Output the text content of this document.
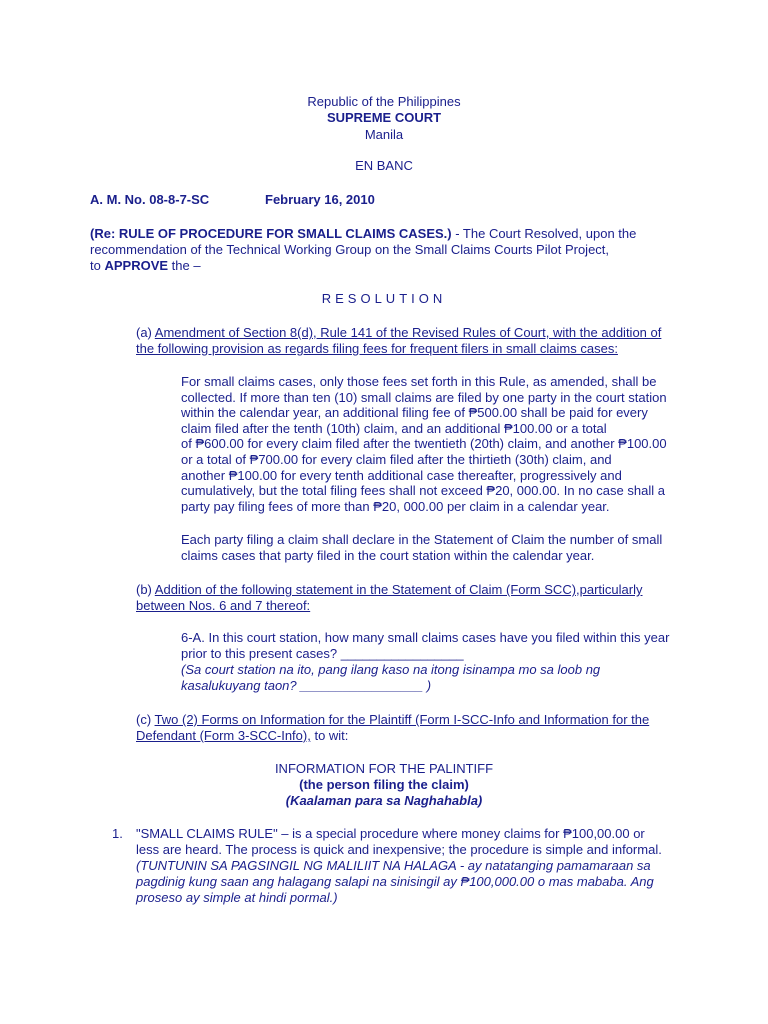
Republic of the Philippines
SUPREME COURT
Manila
EN BANC
A. M. No. 08-8-7-SC	February 16, 2010
(Re: RULE OF PROCEDURE FOR SMALL CLAIMS CASES.) - The Court Resolved, upon the
recommendation of the Technical Working Group on the Small Claims Courts Pilot Project,
to APPROVE the –
RESOLUTION
(a) Amendment of Section 8(d), Rule 141 of the Revised Rules of Court, with the addition of
the following provision as regards filing fees for frequent filers in small claims cases:
For small claims cases, only those fees set forth in this Rule, as amended, shall be
collected. If more than ten (10) small claims are filed by one party in the court station
within the calendar year, an additional filing fee of ₱500.00 shall be paid for every
claim filed after the tenth (10th) claim, and an additional ₱100.00 or a total
of ₱600.00 for every claim filed after the twentieth (20th) claim, and another ₱100.00
or a total of ₱700.00 for every claim filed after the thirtieth (30th) claim, and
another ₱100.00 for every tenth additional case thereafter, progressively and
cumulatively, but the total filing fees shall not exceed ₱20, 000.00. In no case shall a
party pay filing fees of more than ₱20, 000.00 per claim in a calendar year.
Each party filing a claim shall declare in the Statement of Claim the number of small
claims cases that party filed in the court station within the calendar year.
(b) Addition of the following statement in the Statement of Claim (Form SCC),particularly
between Nos. 6 and 7 thereof:
6-A. In this court station, how many small claims cases have you filed within this year
prior to this present cases? _________________
(Sa court station na ito, pang ilang kaso na itong isinampa mo sa loob ng
kasalukuyang taon? _________________ )
(c) Two (2) Forms on Information for the Plaintiff (Form I-SCC-Info and Information for the
Defendant (Form 3-SCC-Info), to wit:
INFORMATION FOR THE PALINTIFF
(the person filing the claim)
(Kaalaman para sa Naghahabla)
1. "SMALL CLAIMS RULE" – is a special procedure where money claims for ₱100,00.00 or
less are heard. The process is quick and inexpensive; the procedure is simple and informal.
(TUNTUNIN SA PAGSINGIL NG MALILIIT NA HALAGA - ay natatanging pamamaraan sa
pagdinig kung saan ang halagang salapi na sinisingil ay ₱100,000.00 o mas mababa. Ang
proseso ay simple at hindi pormal.)
